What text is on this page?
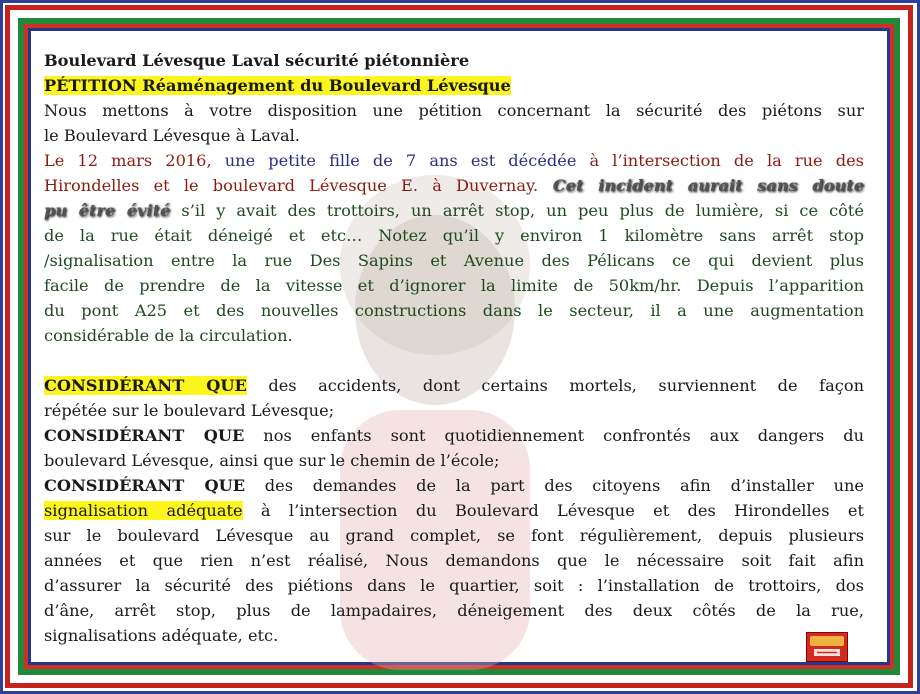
Boulevard Lévesque Laval sécurité piétonnière
PÉTITION Réaménagement du Boulevard Lévesque
Nous mettons à votre disposition une pétition concernant la sécurité des piétons sur
le Boulevard Lévesque à Laval.
Le 12 mars 2016, une petite fille de 7 ans est décédée à l’intersection de la rue des
Hirondelles et le boulevard Lévesque E. à Duvernay. Cet incident aurait sans doute
pu être évité s’il y avait des trottoirs, un arrêt stop, un peu plus de lumière, si ce côté
de la rue était déneigé et etc… Notez qu’il y environ 1 kilomètre sans arrêt stop
/signalisation entre la rue Des Sapins et Avenue des Pélicans ce qui devient plus
facile de prendre de la vitesse et d’ignorer la limite de 50km/hr. Depuis l’apparition
du pont A25 et des nouvelles constructions dans le secteur, il a une augmentation
considérable de la circulation.
CONSIDÉRANT QUE des accidents, dont certains mortels, surviennent de façon
répétée sur le boulevard Lévesque;
CONSIDÉRANT QUE nos enfants sont quotidiennement confrontés aux dangers du
boulevard Lévesque, ainsi que sur le chemin de l’école;
CONSIDÉRANT QUE des demandes de la part des citoyens afin d’installer une
signalisation adéquate à l’intersection du Boulevard Lévesque et des Hirondelles et
sur le boulevard Lévesque au grand complet, se font régulièrement, depuis plusieurs
années et que rien n’est réalisé, Nous demandons que le nécessaire soit fait afin
d’assurer la sécurité des piétions dans le quartier, soit : l’installation de trottoirs, dos
d’âne, arrêt stop, plus de lampadaires, déneigement des deux côtés de la rue,
signalisations adéquate, etc.
